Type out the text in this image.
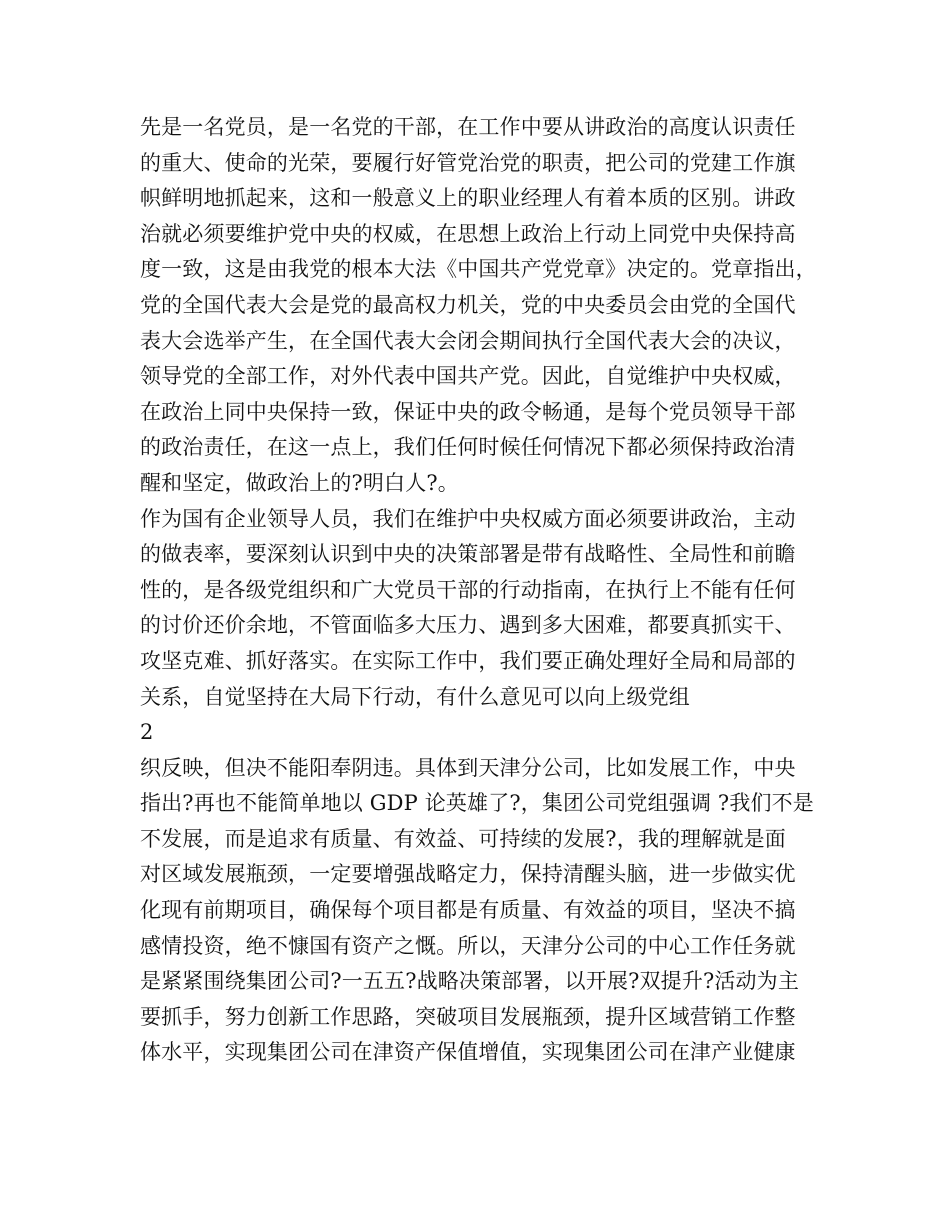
先是一名党员，是一名党的干部，在工作中要从讲政治的高度认识责任
的重大、使命的光荣，要履行好管党治党的职责，把公司的党建工作旗
帜鲜明地抓起来，这和一般意义上的职业经理人有着本质的区别。讲政
治就必须要维护党中央的权威，在思想上政治上行动上同党中央保持高
度一致，这是由我党的根本大法《中国共产党党章》决定的。党章指出，
党的全国代表大会是党的最高权力机关，党的中央委员会由党的全国代
表大会选举产生，在全国代表大会闭会期间执行全国代表大会的决议，
领导党的全部工作，对外代表中国共产党。因此，自觉维护中央权威，
在政治上同中央保持一致，保证中央的政令畅通，是每个党员领导干部
的政治责任，在这一点上，我们任何时候任何情况下都必须保持政治清
醒和坚定，做政治上的?明白人?。
作为国有企业领导人员，我们在维护中央权威方面必须要讲政治，主动
的做表率，要深刻认识到中央的决策部署是带有战略性、全局性和前瞻
性的，是各级党组织和广大党员干部的行动指南，在执行上不能有任何
的讨价还价余地，不管面临多大压力、遇到多大困难，都要真抓实干、
攻坚克难、抓好落实。在实际工作中，我们要正确处理好全局和局部的
关系，自觉坚持在大局下行动，有什么意见可以向上级党组
2
织反映，但决不能阳奉阴违。具体到天津分公司，比如发展工作，中央
指出?再也不能简单地以 GDP 论英雄了?，集团公司党组强调 ?我们不是
不发展，而是追求有质量、有效益、可持续的发展?，我的理解就是面
对区域发展瓶颈，一定要增强战略定力，保持清醒头脑，进一步做实优
化现有前期项目，确保每个项目都是有质量、有效益的项目，坚决不搞
感情投资，绝不慷国有资产之慨。所以，天津分公司的中心工作任务就
是紧紧围绕集团公司?一五五?战略决策部署，以开展?双提升?活动为主
要抓手，努力创新工作思路，突破项目发展瓶颈，提升区域营销工作整
体水平，实现集团公司在津资产保值增值，实现集团公司在津产业健康
